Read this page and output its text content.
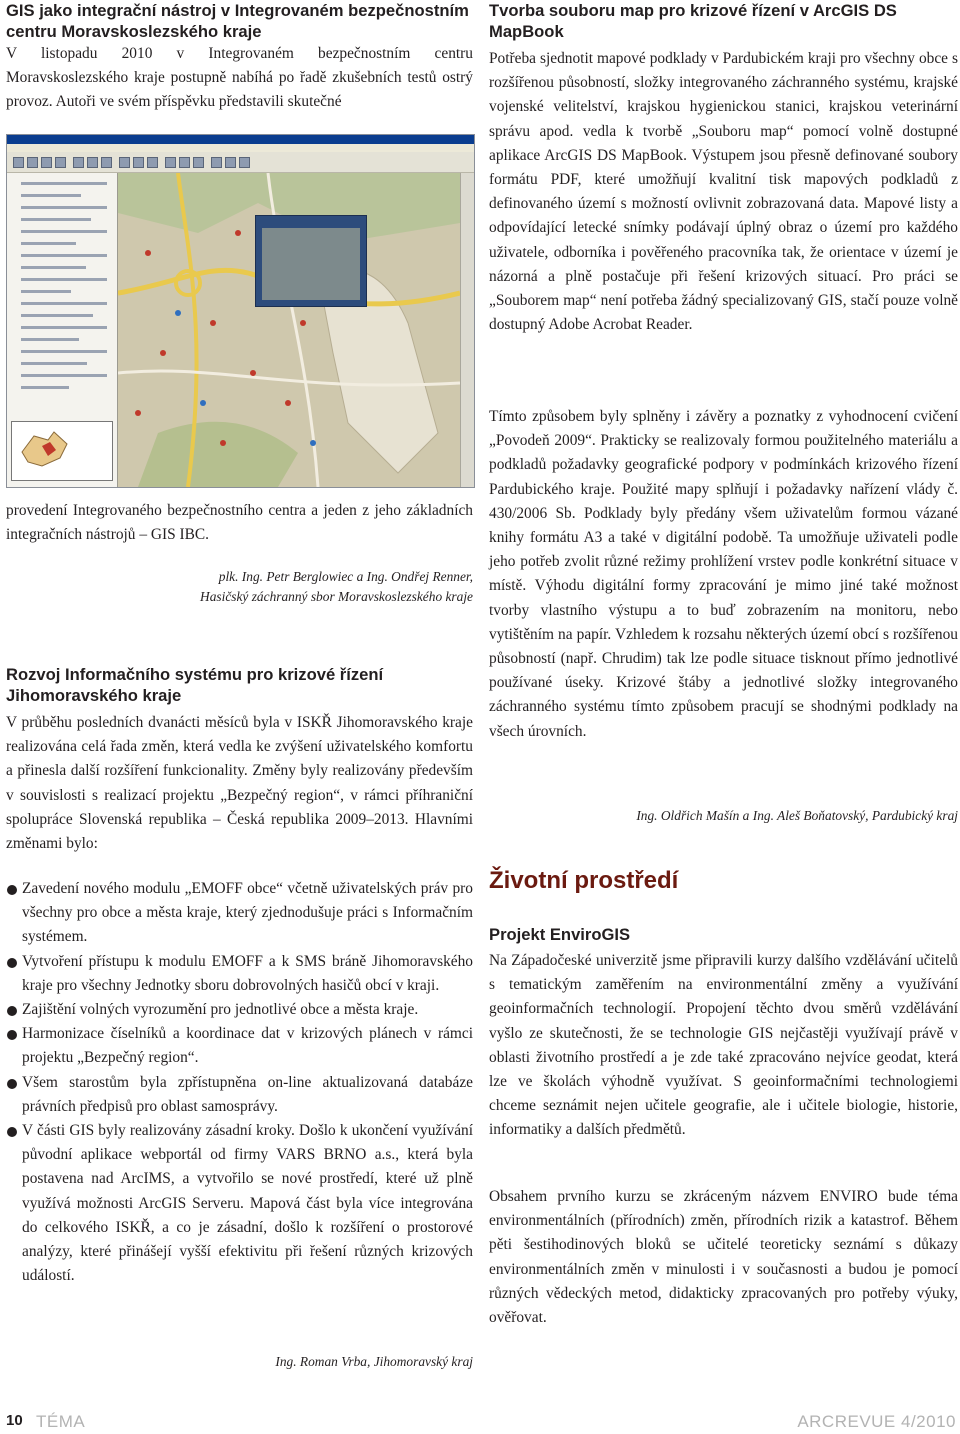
GIS jako integrační nástroj v Integrovaném bezpečnostním centru Moravskoslezského kraje

V listopadu 2010 v Integrovaném bezpečnostním centru Moravskoslezského kraje postupně nabíhá po řadě zkušebních testů ostrý provoz. Autoři ve svém příspěvku představili skutečné

provedení Integrovaného bezpečnostního centra a jeden z jeho základních integračních nástrojů – GIS IBC.

plk. Ing. Petr Berglowiec a Ing. Ondřej Renner,

Hasičský záchranný sbor Moravskoslezského kraje

Rozvoj Informačního systému pro krizové řízení Jihomoravského kraje

V průběhu posledních dvanácti měsíců byla v ISKŘ Jihomoravského kraje realizována celá řada změn, která vedla ke zvýšení uživatelského komfortu a přinesla další rozšíření funkcionality. Změny byly realizovány především v souvislosti s realizací projektu „Bezpečný region“, v rámci příhraniční spolupráce Slovenská republika – Česká republika 2009–2013. Hlavními změnami bylo:

Zavedení nového modulu „EMOFF obce“ včetně uživatelských práv pro všechny pro obce a města kraje, který zjednodušuje práci s Informačním systémem.
Vytvoření přístupu k modulu EMOFF a k SMS bráně Jihomoravského kraje pro všechny Jednotky sboru dobrovolných hasičů obcí v kraji.
Zajištění volných vyrozumění pro jednotlivé obce a města kraje.
Harmonizace číselníků a koordinace dat v krizových plánech v rámci projektu „Bezpečný region“.
Všem starostům byla zpřístupněna on-line aktualizovaná databáze právních předpisů pro oblast samosprávy.
V části GIS byly realizovány zásadní kroky. Došlo k ukončení využívání původní aplikace webportál od firmy VARS BRNO a.s., která byla postavena nad ArcIMS, a vytvořilo se nové prostředí, které už plně využívá možnosti ArcGIS Serveru. Mapová část byla více integrována do celkového ISKŘ, a co je zásadní, došlo k rozšíření o prostorové analýzy, které přinášejí vyšší efektivitu při řešení různých krizových událostí.

Ing. Roman Vrba, Jihomoravský kraj

Tvorba souboru map pro krizové řízení v ArcGIS DS MapBook

Potřeba sjednotit mapové podklady v Pardubickém kraji pro všechny obce s rozšířenou působností, složky integrovaného záchranného systému, krajské vojenské velitelství, krajskou hygienickou stanici, krajskou veterinární správu apod. vedla k tvorbě „Souboru map“ pomocí volně dostupné aplikace ArcGIS DS MapBook. Výstupem jsou přesně definované soubory formátu PDF, které umožňují kvalitní tisk mapových podkladů z definovaného území s možností ovlivnit zobrazovaná data. Mapové listy a odpovídající letecké snímky podávají úplný obraz o území pro každého uživatele, odborníka i pověřeného pracovníka tak, že orientace v území je názorná a plně postačuje při řešení krizových situací. Pro práci se „Souborem map“ není potřeba žádný specializovaný GIS, stačí pouze volně dostupný Adobe Acrobat Reader.

Tímto způsobem byly splněny i závěry a poznatky z vyhodnocení cvičení „Povodeň 2009“. Prakticky se realizovaly formou použitelného materiálu a podkladů požadavky geografické podpory v podmínkách krizového řízení Pardubického kraje. Použité mapy splňují i požadavky nařízení vlády č. 430/2006 Sb. Podklady byly předány všem uživatelům formou vázané knihy formátu A3 a také v digitální podobě. Ta umožňuje uživateli podle jeho potřeb zvolit různé režimy prohlížení vrstev podle konkrétní situace v místě. Výhodu digitální formy zpracování je mimo jiné také možnost tvorby vlastního výstupu a to buď zobrazením na monitoru, nebo vytištěním na papír. Vzhledem k rozsahu některých území obcí s rozšířenou působností (např. Chrudim) tak lze podle situace tisknout přímo jednotlivé používané úseky. Krizové štáby a jednotlivé složky integrovaného záchranného systému tímto způsobem pracují se shodnými podklady na všech úrovních.

Ing. Oldřich Mašín a Ing. Aleš Boňatovský, Pardubický kraj

Životní prostředí
Projekt EnviroGIS

Na Západočeské univerzitě jsme připravili kurzy dalšího vzdělávání učitelů s tematickým zaměřením na environmentální změny a využívání geoinformačních technologií. Propojení těchto dvou směrů vzdělávání vyšlo ze skutečnosti, že se technologie GIS nejčastěji využívají právě v oblasti životního prostředí a je zde také zpracováno nejvíce geodat, která lze ve školách výhodně využívat. S geoinformačními technologiemi chceme seznámit nejen učitele geografie, ale i učitele biologie, historie, informatiky a dalších předmětů.

Obsahem prvního kurzu se zkráceným názvem ENVIRO bude téma environmentálních (přírodních) změn, přírodních rizik a katastrof. Během pěti šestihodinových bloků se učitelé teoreticky seznámí s důkazy environmentálních změn v minulosti i v současnosti a budou je pomocí různých vědeckých metod, didakticky zpracovaných pro potřeby výuky, ověřovat.

10 TÉMA	ARCREVUE 4/2010
